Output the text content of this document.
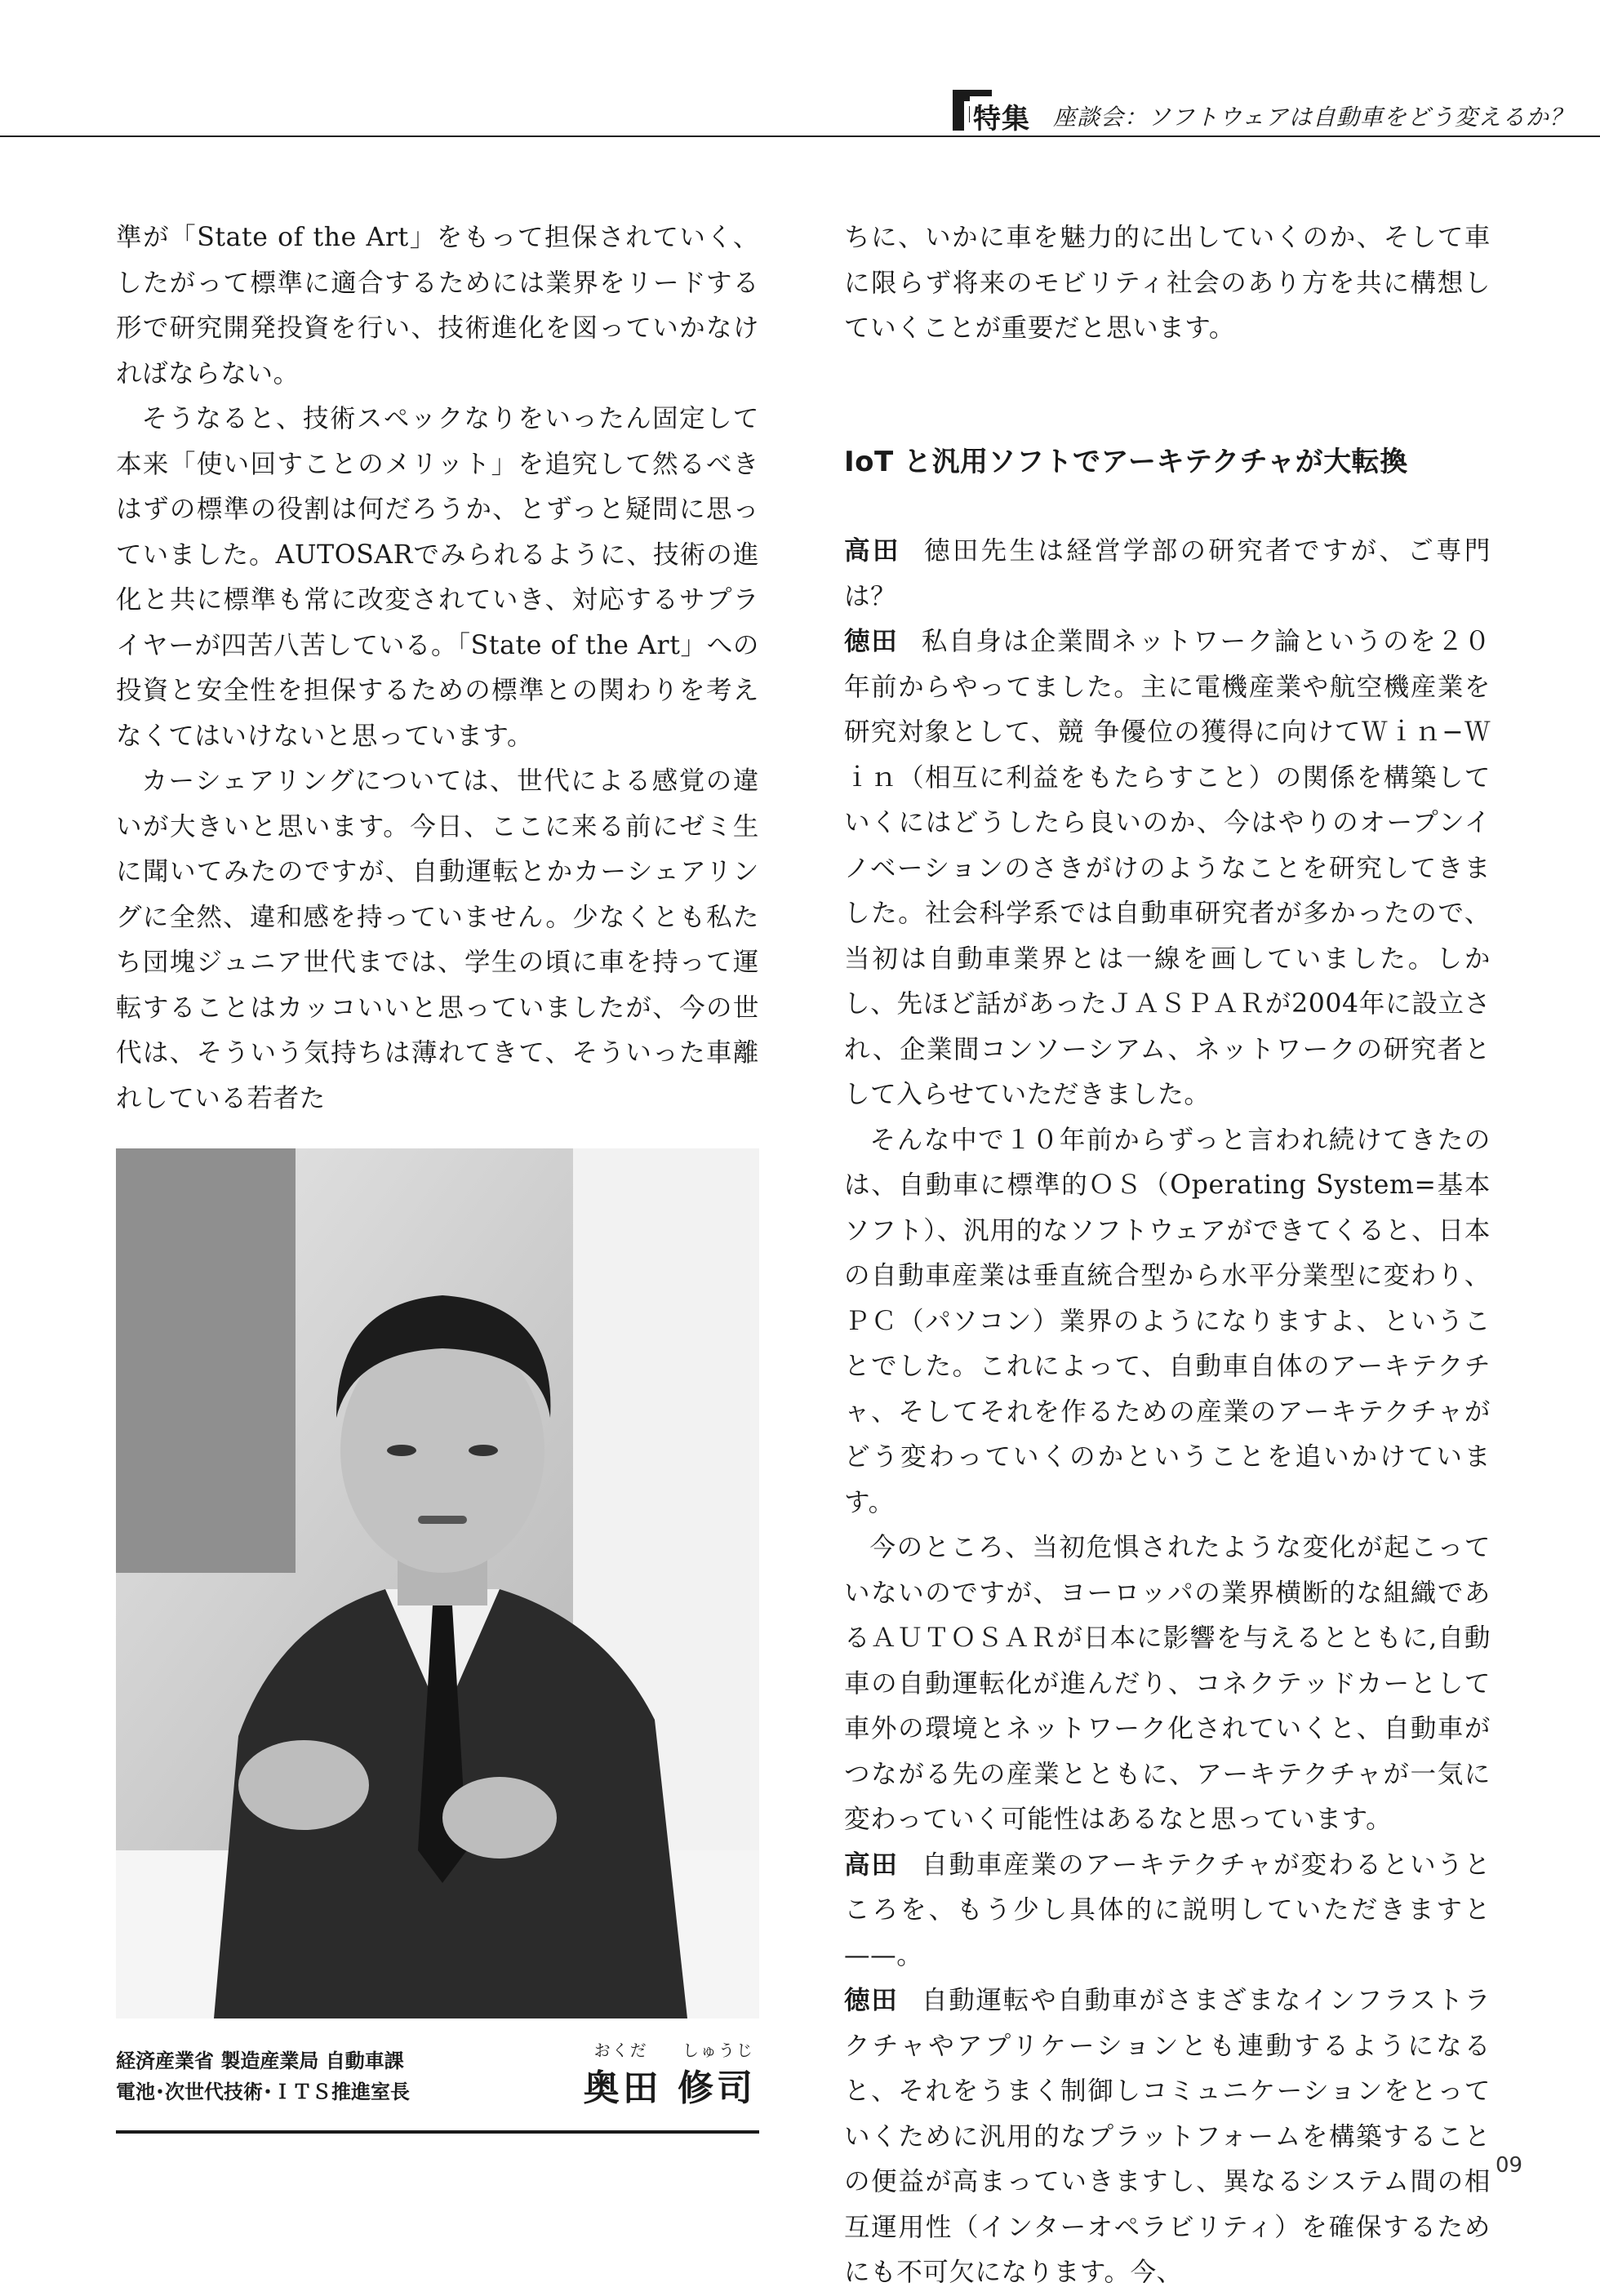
特集 座談会：ソフトウェアは自動車をどう変えるか？

準が「State of the Art」をもって担保されていく、したがって標準に適合するためには業界をリードする形で研究開発投資を行い、技術進化を図っていかなければならない。

そうなると、技術スペックなりをいったん固定して本来「使い回すことのメリット」を追究して然るべきはずの標準の役割は何だろうか、とずっと疑問に思っていました。AUTOSARでみられるように、技術の進化と共に標準も常に改変されていき、対応するサプライヤーが四苦八苦している。「State of the Art」への投資と安全性を担保するための標準との関わりを考えなくてはいけないと思っています。

カーシェアリングについては、世代による感覚の違いが大きいと思います。今日、ここに来る前にゼミ生に聞いてみたのですが、自動運転とかカーシェアリングに全然、違和感を持っていません。少なくとも私たち団塊ジュニア世代までは、学生の頃に車を持って運転することはカッコいいと思っていましたが、今の世代は、そういう気持ちは薄れてきて、そういった車離れしている若者た

経済産業省 製造産業局 自動車課
電池･次世代技術･ＩＴＳ推進室長
おくだ しゅうじ
奥田 修司

ちに、いかに車を魅力的に出していくのか、そして車に限らず将来のモビリティ社会のあり方を共に構想していくことが重要だと思います。

IoT と汎用ソフトでアーキテクチャが大転換

高田 徳田先生は経営学部の研究者ですが、ご専門は？

徳田 私自身は企業間ネットワーク論というのを２０年前からやってました。主に電機産業や航空機産業を研究対象として、競 争優位の獲得に向けてＷｉｎ−Ｗｉｎ（相互に利益をもたらすこと）の関係を構築していくにはどうしたら良いのか、今はやりのオープンイノベーションのさきがけのようなことを研究してきました。社会科学系では自動車研究者が多かったので、当初は自動車業界とは一線を画していました。しかし、先ほど話があったＪＡＳＰＡＲが2004年に設立され、企業間コンソーシアム、ネットワークの研究者として入らせていただきました。

そんな中で１０年前からずっと言われ続けてきたのは、自動車に標準的ＯＳ（Operating System=基本ソフト）、汎用的なソフトウェアができてくると、日本の自動車産業は垂直統合型から水平分業型に変わり、ＰＣ（パソコン）業界のようになりますよ、ということでした。これによって、自動車自体のアーキテクチャ、そしてそれを作るための産業のアーキテクチャがどう変わっていくのかということを追いかけています。

今のところ、当初危惧されたような変化が起こっていないのですが、ヨーロッパの業界横断的な組織であるＡＵＴＯＳＡＲが日本に影響を与えるとともに,自動車の自動運転化が進んだり、コネクテッドカーとして車外の環境とネットワーク化されていくと、自動車がつながる先の産業とともに、アーキテクチャが一気に変わっていく可能性はあるなと思っています。

高田 自動車産業のアーキテクチャが変わるというところを、もう少し具体的に説明していただきますと——。

徳田 自動運転や自動車がさまざまなインフラストラクチャやアプリケーションとも連動するようになると、それをうまく制御しコミュニケーションをとっていくために汎用的なプラットフォームを構築することの便益が高まっていきますし、異なるシステム間の相互運用性（インターオペラビリティ）を確保するためにも不可欠になります。今、

09
